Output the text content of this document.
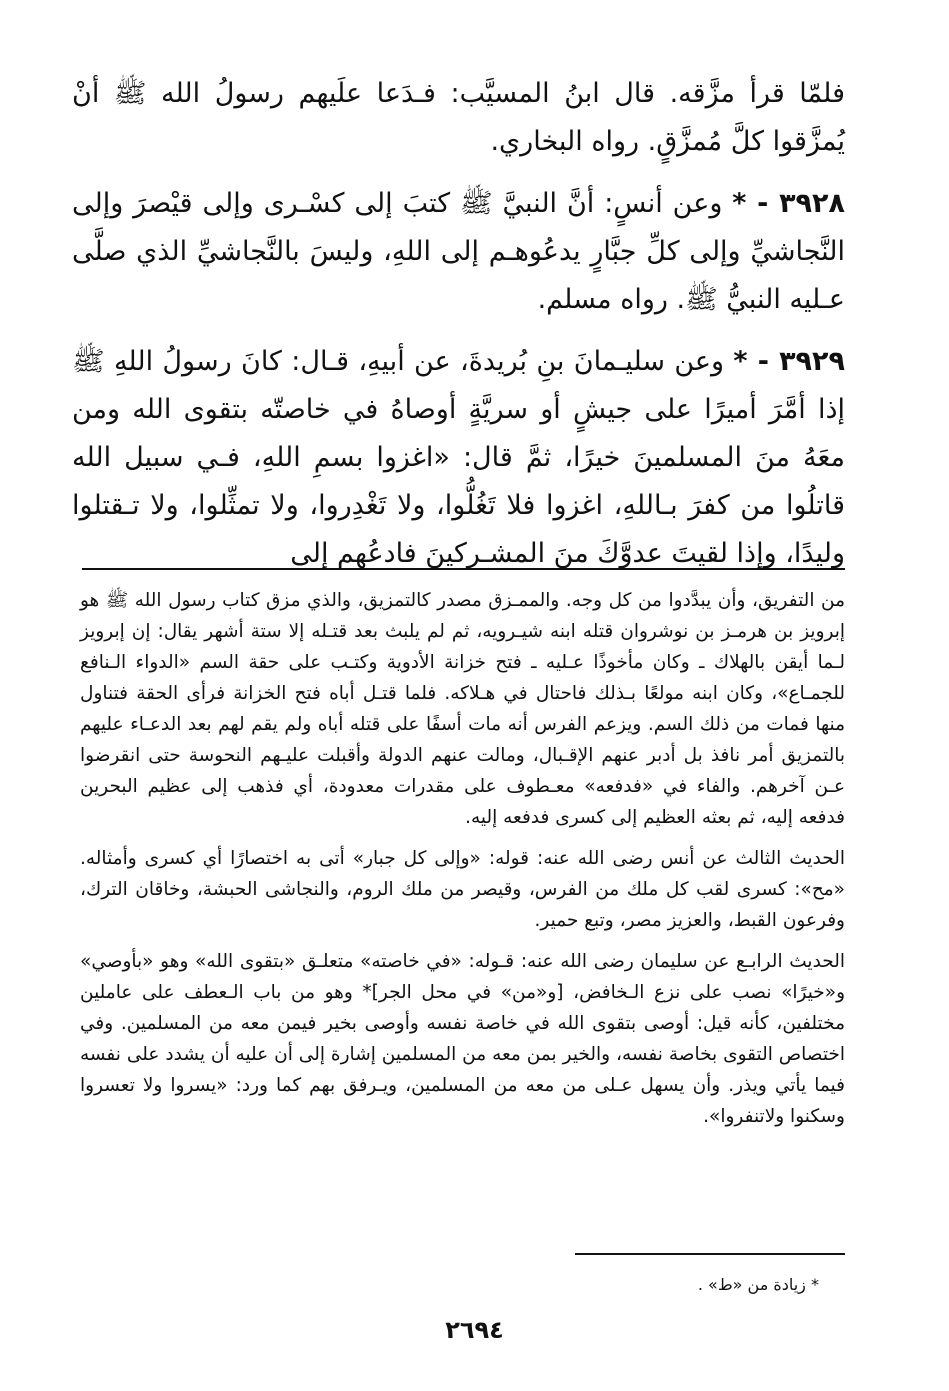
فلمّا قرأ مزَّقه. قال ابنُ المسيَّب: فـدَعا علَيهم رسولُ الله ﷺ أنْ يُمزَّقوا كلَّ مُمزَّقٍ. رواه البخاري.

٣٩٢٨ - * وعن أنسٍ: أنَّ النبيَّ ﷺ كتبَ إلى كسْـرى وإلى قيْصرَ وإلى النَّجاشيِّ وإلى كلِّ جبَّارٍ يدعُوهـم إلى اللهِ، وليسَ بالنَّجاشيِّ الذي صلَّى عـليه النبيُّ ﷺ. رواه مسلم.

٣٩٢٩ - * وعن سليـمانَ بنِ بُريدةَ، عن أبيهِ، قـال: كانَ رسولُ اللهِ ﷺ إذا أمَّرَ أميرًا على جيشٍ أو سريَّةٍ أوصاهُ في خاصتّه بتقوى الله ومن معَهُ منَ المسلمينَ خيرًا، ثمَّ قال: «اغزوا بسمِ اللهِ، فـي سبيل الله قاتلُوا من كفرَ بـاللهِ، اغزوا فلا تَغُلُّوا، ولا تَغْدِروا، ولا تمثِّلوا، ولا تـقتلوا وليدًا، وإذا لقيتَ عدوَّكَ منَ المشـركينَ فادعُهم إلى

من التفريق، وأن يبدَّدوا من كل وجه. والممـزق مصدر كالتمزيق، والذي مزق كتاب رسول الله ﷺ هو إبرويز بن هرمـز بن نوشروان قتله ابنه شيـرويه، ثم لم يلبث بعد قتـله إلا ستة أشهر يقال: إن إبرويز لـما أيقن بالهلاك ـ وكان مأخوذًا عـليه ـ فتح خزانة الأدوية وكتـب على حقة السم «الدواء الـنافع للجمـاع»، وكان ابنه مولعًا بـذلك فاحتال في هـلاكه. فلما قتـل أباه فتح الخزانة فرأى الحقة فتناول منها فمات من ذلك السم. ويزعم الفرس أنه مات أسفًا على قتله أباه ولم يقم لهم بعد الدعـاء عليهم بالتمزيق أمر نافذ بل أدبر عنهم الإقـبال، ومالت عنهم الدولة وأقبلت عليـهم النحوسة حتى انقرضوا عـن آخرهم. والفاء في «فدفعه» معـطوف على مقدرات معدودة، أي فذهب إلى عظيم البحرين فدفعه إليه، ثم بعثه العظيم إلى كسرى فدفعه إليه.

الحديث الثالث عن أنس رضى الله عنه: قوله: «وإلى كل جبار» أتى به اختصارًا أي كسرى وأمثاله. «مح»: كسرى لقب كل ملك من الفرس، وقيصر من ملك الروم، والنجاشى الحبشة، وخاقان الترك، وفرعون القبط، والعزيز مصر، وتبع حمير.

الحديث الرابـع عن سليمان رضى الله عنه: قـوله: «في خاصته» متعلـق «بتقوى الله» وهو «بأوصي» و«خيرًا» نصب على نزع الـخافض، [و«من» في محل الجر]* وهو من باب الـعطف على عاملين مختلفين، كأنه قيل: أوصى بتقوى الله في خاصة نفسه وأوصى بخير فيمن معه من المسلمين. وفي اختصاص التقوى بخاصة نفسه، والخير بمن معه من المسلمين إشارة إلى أن عليه أن يشدد على نفسه فيما يأتي ويذر. وأن يسهل عـلى من معه من المسلمين، ويـرفق بهم كما ورد: «يسروا ولا تعسروا وسكنوا ولاتنفروا».

* زيادة من «ط» .
٢٦٩٤
